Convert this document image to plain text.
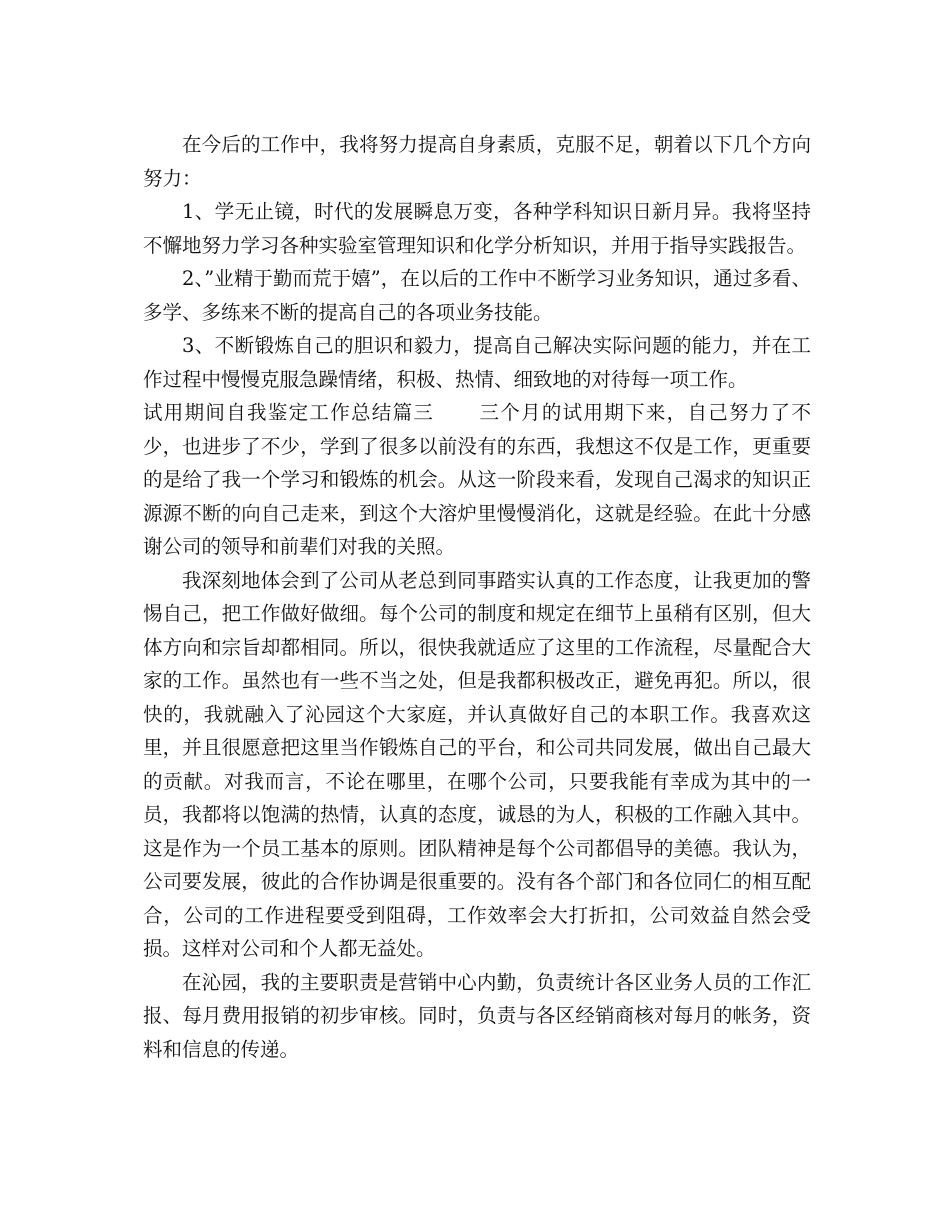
在今后的工作中，我将努力提高自身素质，克服不足，朝着以下几个方向努力：

1、学无止镜，时代的发展瞬息万变，各种学科知识日新月异。我将坚持不懈地努力学习各种实验室管理知识和化学分析知识，并用于指导实践报告。

2、”业精于勤而荒于嬉”，在以后的工作中不断学习业务知识，通过多看、多学、多练来不断的提高自己的各项业务技能。

3、不断锻炼自己的胆识和毅力，提高自己解决实际问题的能力，并在工作过程中慢慢克服急躁情绪，积极、热情、细致地的对待每一项工作。

试用期间自我鉴定工作总结篇三 三个月的试用期下来，自己努力了不少，也进步了不少，学到了很多以前没有的东西，我想这不仅是工作，更重要的是给了我一个学习和锻炼的机会。从这一阶段来看，发现自己渴求的知识正源源不断的向自己走来，到这个大溶炉里慢慢消化，这就是经验。在此十分感谢公司的领导和前辈们对我的关照。

我深刻地体会到了公司从老总到同事踏实认真的工作态度，让我更加的警惕自己，把工作做好做细。每个公司的制度和规定在细节上虽稍有区别，但大体方向和宗旨却都相同。所以，很快我就适应了这里的工作流程，尽量配合大家的工作。虽然也有一些不当之处，但是我都积极改正，避免再犯。所以，很快的，我就融入了沁园这个大家庭，并认真做好自己的本职工作。我喜欢这里，并且很愿意把这里当作锻炼自己的平台，和公司共同发展，做出自己最大的贡献。对我而言，不论在哪里，在哪个公司，只要我能有幸成为其中的一员，我都将以饱满的热情，认真的态度，诚恳的为人，积极的工作融入其中。这是作为一个员工基本的原则。团队精神是每个公司都倡导的美德。我认为，公司要发展，彼此的合作协调是很重要的。没有各个部门和各位同仁的相互配合，公司的工作进程要受到阻碍，工作效率会大打折扣，公司效益自然会受损。这样对公司和个人都无益处。

在沁园，我的主要职责是营销中心内勤，负责统计各区业务人员的工作汇报、每月费用报销的初步审核。同时，负责与各区经销商核对每月的帐务，资料和信息的传递。
